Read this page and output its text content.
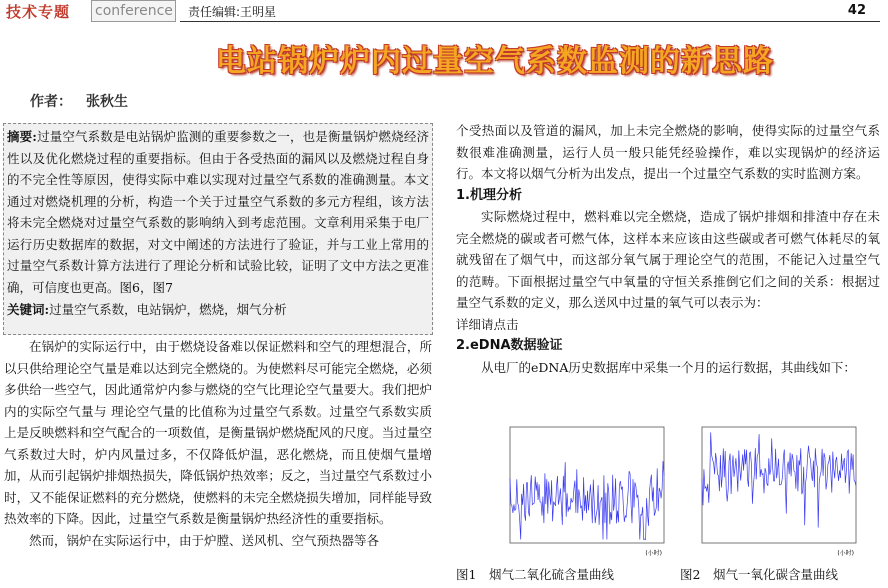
技术专题 conference 责任编辑:王明星	42
电站锅炉炉内过量空气系数监测的新思路
作者： 张秋生
摘要:过量空气系数是电站锅炉监测的重要参数之一，也是衡量锅炉燃烧经济性以及优化燃烧过程的重要指标。但由于各受热面的漏风以及燃烧过程自身的不完全性等原因，使得实际中难以实现对过量空气系数的准确测量。本文通过对燃烧机理的分析，构造一个关于过量空气系数的多元方程组，该方法将未完全燃烧对过量空气系数的影响纳入到考虑范围。文章利用采集于电厂运行历史数据库的数据，对文中阐述的方法进行了验证，并与工业上常用的过量空气系数计算方法进行了理论分析和试验比较，证明了文中方法之更准确，可信度也更高。图6，图7
关键词:过量空气系数，电站锅炉，燃烧，烟气分析

在锅炉的实际运行中，由于燃烧设备难以保证燃料和空气的理想混合，所以只供给理论空气量是难以达到完全燃烧的。为使燃料尽可能完全燃烧，必须多供给一些空气，因此通常炉内参与燃烧的空气比理论空气量要大。我们把炉内的实际空气量与 理论空气量的比值称为过量空气系数。过量空气系数实质上是反映燃料和空气配合的一项数值，是衡量锅炉燃烧配风的尺度。当过量空气系数过大时，炉内风量过多，不仅降低炉温，恶化燃烧，而且使烟气量增加，从而引起锅炉排烟热损失，降低锅炉热效率；反之，当过量空气系数过小时，又不能保证燃料的充分燃烧，使燃料的未完全燃烧损失增加，同样能导致热效率的下降。因此，过量空气系数是衡量锅炉热经济性的重要指标。

然而，锅炉在实际运行中，由于炉膛、送风机、空气预热器等各

个受热面以及管道的漏风，加上未完全燃烧的影响，使得实际的过量空气系数很难准确测量，运行人员一般只能凭经验操作，难以实现锅炉的经济运行。本文将以烟气分析为出发点，提出一个过量空气系数的实时监测方案。

1.机理分析

实际燃烧过程中，燃料难以完全燃烧，造成了锅炉排烟和排渣中存在未完全燃烧的碳或者可燃气体，这样本来应该由这些碳或者可燃气体耗尽的氧就残留在了烟气中，而这部分氧气属于理论空气的范围，不能记入过量空气的范畴。下面根据过量空气中氧量的守恒关系推倒它们之间的关系：根据过量空气系数的定义，那么送风中过量的氧气可以表示为：

详细请点击

2.eDNA数据验证

从电厂的eDNA历史数据库中采集一个月的运行数据，其曲线如下：

(小时)	(小时)
图1　烟气二氧化硫含量曲线	图2　烟气一氧化碳含量曲线
